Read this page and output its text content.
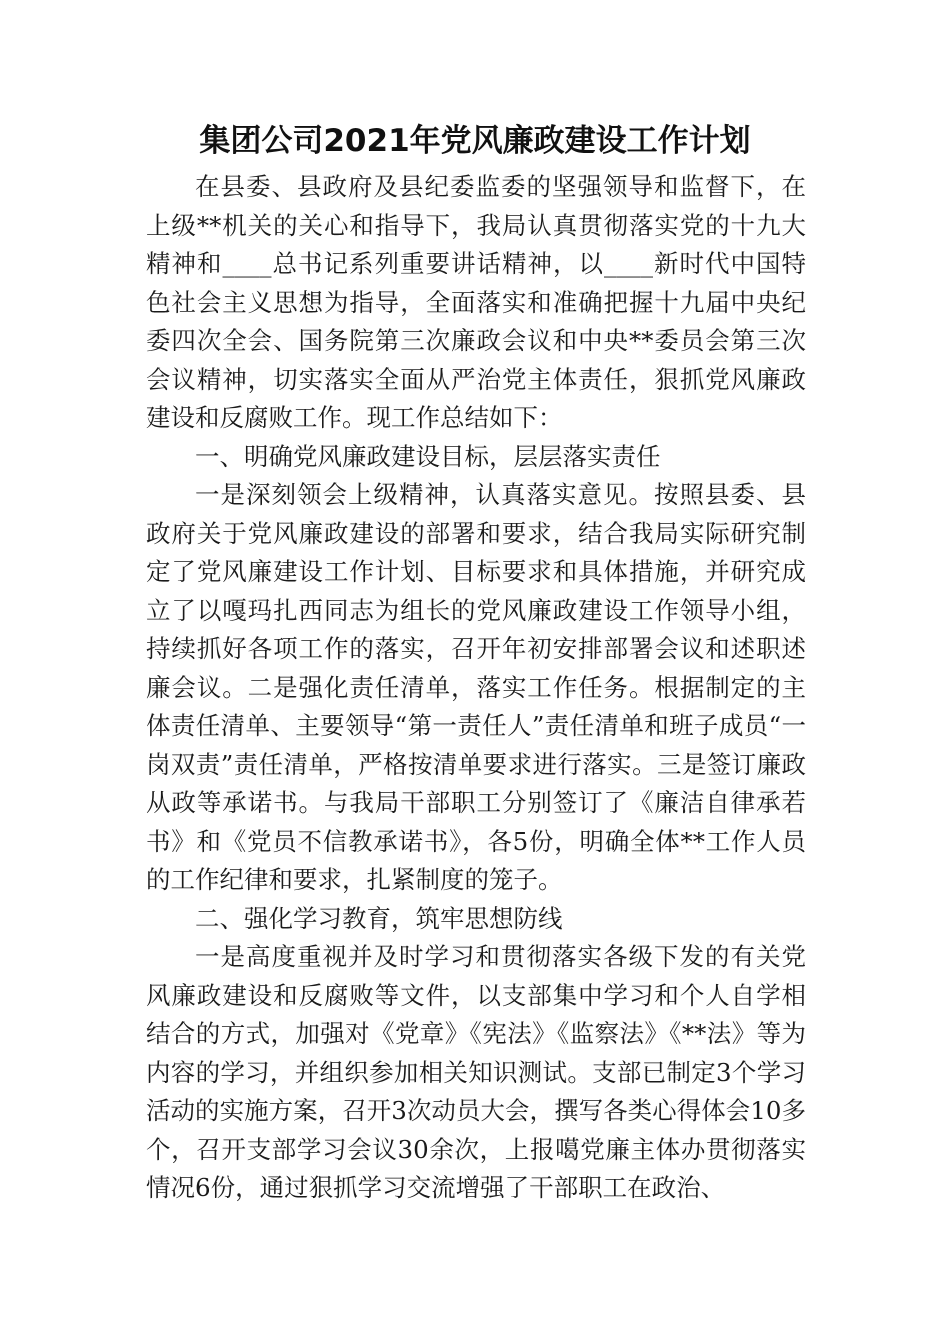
集团公司2021年党风廉政建设工作计划

在县委、县政府及县纪委监委的坚强领导和监督下，在上级**机关的关心和指导下，我局认真贯彻落实党的十九大精神和____总书记系列重要讲话精神，以____新时代中国特色社会主义思想为指导，全面落实和准确把握十九届中央纪委四次全会、国务院第三次廉政会议和中央**委员会第三次会议精神，切实落实全面从严治党主体责任，狠抓党风廉政建设和反腐败工作。现工作总结如下：

一、明确党风廉政建设目标，层层落实责任

一是深刻领会上级精神，认真落实意见。按照县委、县政府关于党风廉政建设的部署和要求，结合我局实际研究制定了党风廉建设工作计划、目标要求和具体措施，并研究成立了以嘎玛扎西同志为组长的党风廉政建设工作领导小组，持续抓好各项工作的落实，召开年初安排部署会议和述职述廉会议。二是强化责任清单，落实工作任务。根据制定的主体责任清单、主要领导“第一责任人”责任清单和班子成员“一岗双责”责任清单，严格按清单要求进行落实。三是签订廉政从政等承诺书。与我局干部职工分别签订了《廉洁自律承若书》和《党员不信教承诺书》，各5份，明确全体**工作人员的工作纪律和要求，扎紧制度的笼子。

二、强化学习教育，筑牢思想防线

一是高度重视并及时学习和贯彻落实各级下发的有关党风廉政建设和反腐败等文件，以支部集中学习和个人自学相结合的方式，加强对《党章》《宪法》《监察法》《**法》等为内容的学习，并组织参加相关知识测试。支部已制定3个学习活动的实施方案，召开3次动员大会，撰写各类心得体会10多个，召开支部学习会议30余次，上报噶党廉主体办贯彻落实情况6份，通过狠抓学习交流增强了干部职工在政治、
